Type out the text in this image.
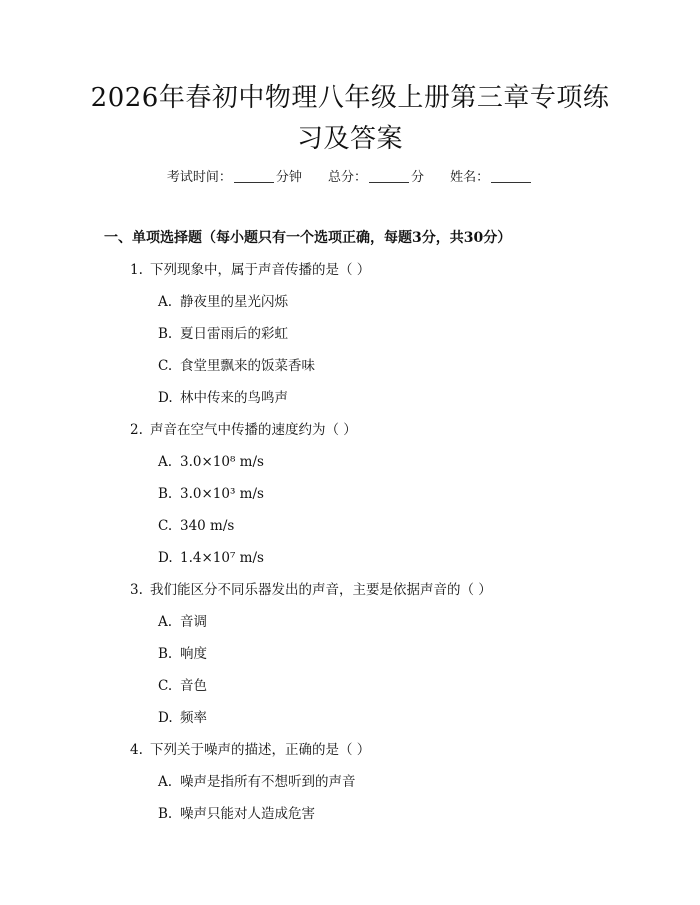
2026年春初中物理八年级上册第三章专项练
习及答案
考试时间：	分钟 总分：	分 姓名：
一、单项选择题（每小题只有一个选项正确，每题3分，共30分）
1. 下列现象中，属于声音传播的是（ ）
A. 静夜里的星光闪烁
B. 夏日雷雨后的彩虹
C. 食堂里飘来的饭菜香味
D. 林中传来的鸟鸣声
2. 声音在空气中传播的速度约为（ ）
A. 3.0×10⁸ m/s
B. 3.0×10³ m/s
C. 340 m/s
D. 1.4×10⁷ m/s
3. 我们能区分不同乐器发出的声音，主要是依据声音的（ ）
A. 音调
B. 响度
C. 音色
D. 频率
4. 下列关于噪声的描述，正确的是（ ）
A. 噪声是指所有不想听到的声音
B. 噪声只能对人造成危害
